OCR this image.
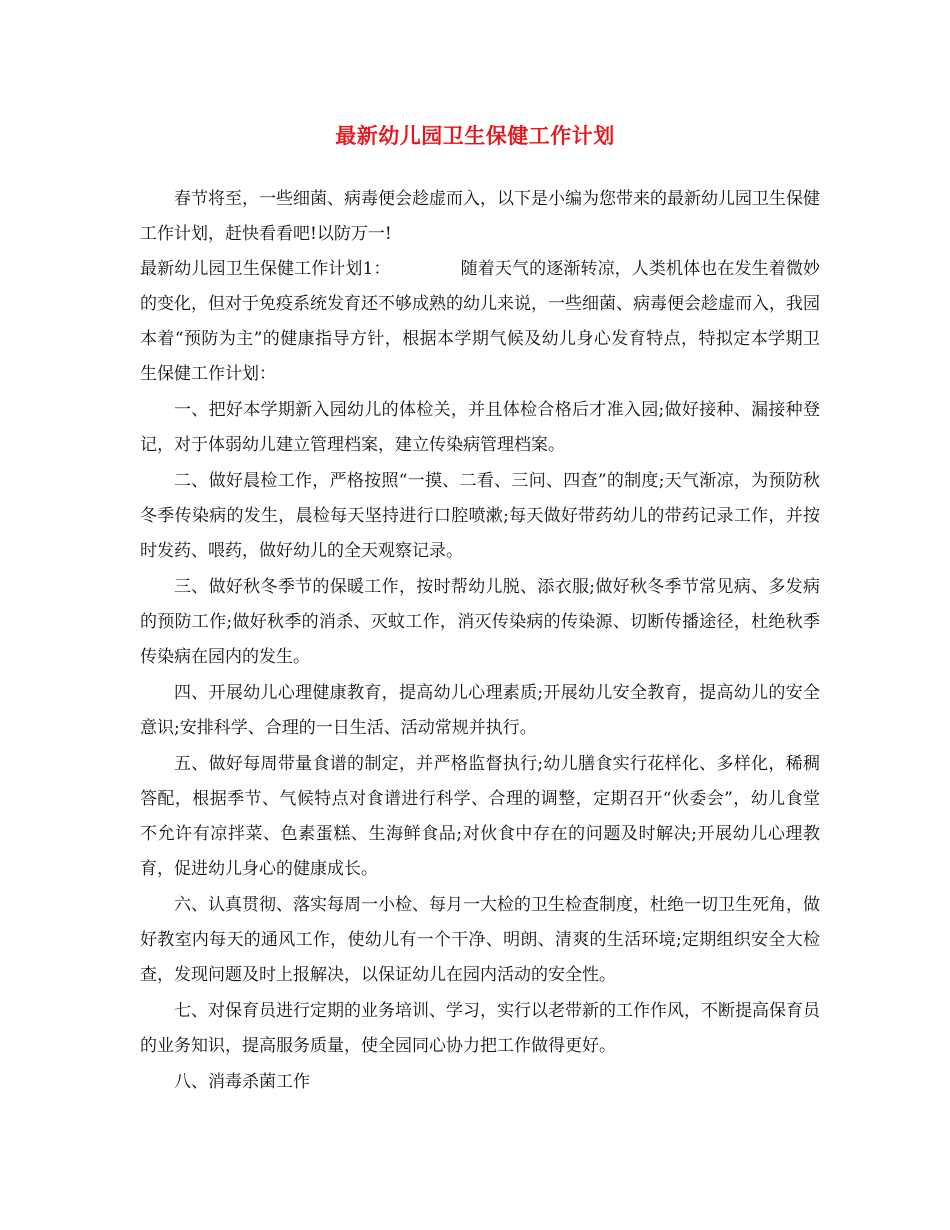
最新幼儿园卫生保健工作计划

春节将至，一些细菌、病毒便会趁虚而入，以下是小编为您带来的最新幼儿园卫生保健工作计划，赶快看看吧!以防万一!

最新幼儿园卫生保健工作计划1：	随着天气的逐渐转凉，人类机体也在发生着微妙的变化，但对于免疫系统发育还不够成熟的幼儿来说，一些细菌、病毒便会趁虚而入，我园本着“预防为主”的健康指导方针，根据本学期气候及幼儿身心发育特点，特拟定本学期卫生保健工作计划：

一、把好本学期新入园幼儿的体检关，并且体检合格后才准入园;做好接种、漏接种登记，对于体弱幼儿建立管理档案，建立传染病管理档案。

二、做好晨检工作，严格按照“一摸、二看、三问、四查”的制度;天气渐凉，为预防秋冬季传染病的发生，晨检每天坚持进行口腔喷漱;每天做好带药幼儿的带药记录工作，并按时发药、喂药，做好幼儿的全天观察记录。

三、做好秋冬季节的保暖工作，按时帮幼儿脱、添衣服;做好秋冬季节常见病、多发病的预防工作;做好秋季的消杀、灭蚊工作，消灭传染病的传染源、切断传播途径，杜绝秋季传染病在园内的发生。

四、开展幼儿心理健康教育，提高幼儿心理素质;开展幼儿安全教育，提高幼儿的安全意识;安排科学、合理的一日生活、活动常规并执行。

五、做好每周带量食谱的制定，并严格监督执行;幼儿膳食实行花样化、多样化，稀稠答配，根据季节、气候特点对食谱进行科学、合理的调整，定期召开“伙委会”，幼儿食堂不允许有凉拌菜、色素蛋糕、生海鲜食品;对伙食中存在的问题及时解决;开展幼儿心理教育，促进幼儿身心的健康成长。

六、认真贯彻、落实每周一小检、每月一大检的卫生检查制度，杜绝一切卫生死角，做好教室内每天的通风工作，使幼儿有一个干净、明朗、清爽的生活环境;定期组织安全大检查，发现问题及时上报解决，以保证幼儿在园内活动的安全性。

七、对保育员进行定期的业务培训、学习，实行以老带新的工作作风，不断提高保育员的业务知识，提高服务质量，使全园同心协力把工作做得更好。

八、消毒杀菌工作
